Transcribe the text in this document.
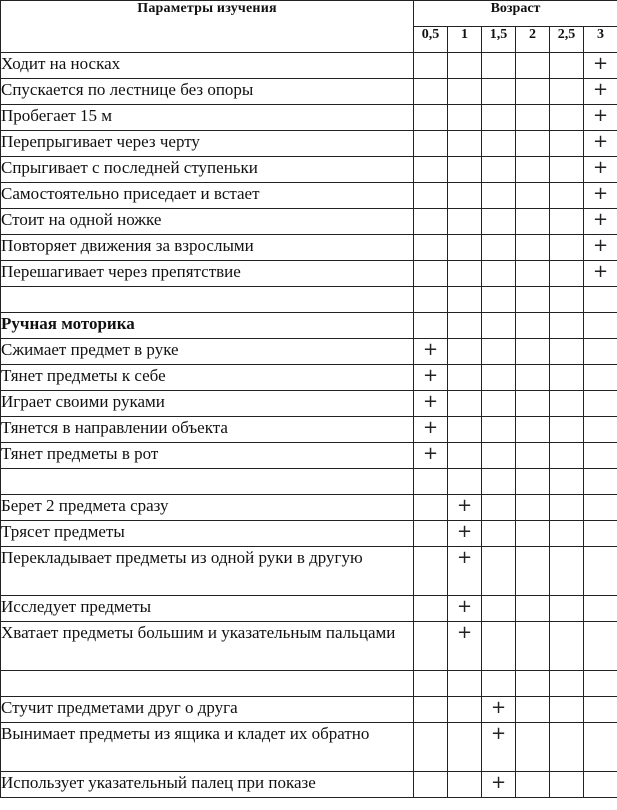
Параметры изучения	Возраст					
	0,5	1	1,5	2	2,5	3
Ходит на носках						+
Спускается по лестнице без опоры						+
Пробегает 15 м						+
Перепрыгивает через черту						+
Спрыгивает с последней ступеньки						+
Самостоятельно приседает и встает						+
Стоит на одной ножке						+
Повторяет движения за взрослыми						+
Перешагивает через препятствие						+

Ручная моторика						
Сжимает предмет в руке	+					
Тянет предметы к себе	+					
Играет своими руками	+					
Тянется в направлении объекта	+					
Тянет предметы в рот	+					

Берет 2 предмета сразу		+				
Трясет предметы		+				
Перекладывает предметы из одной руки в другую		+				
Исследует предметы		+				
Хватает предметы большим и указательным пальцами		+				

Стучит предметами друг о друга			+			
Вынимает предметы из ящика и кладет их обратно			+			
Использует указательный палец при показе			+			
